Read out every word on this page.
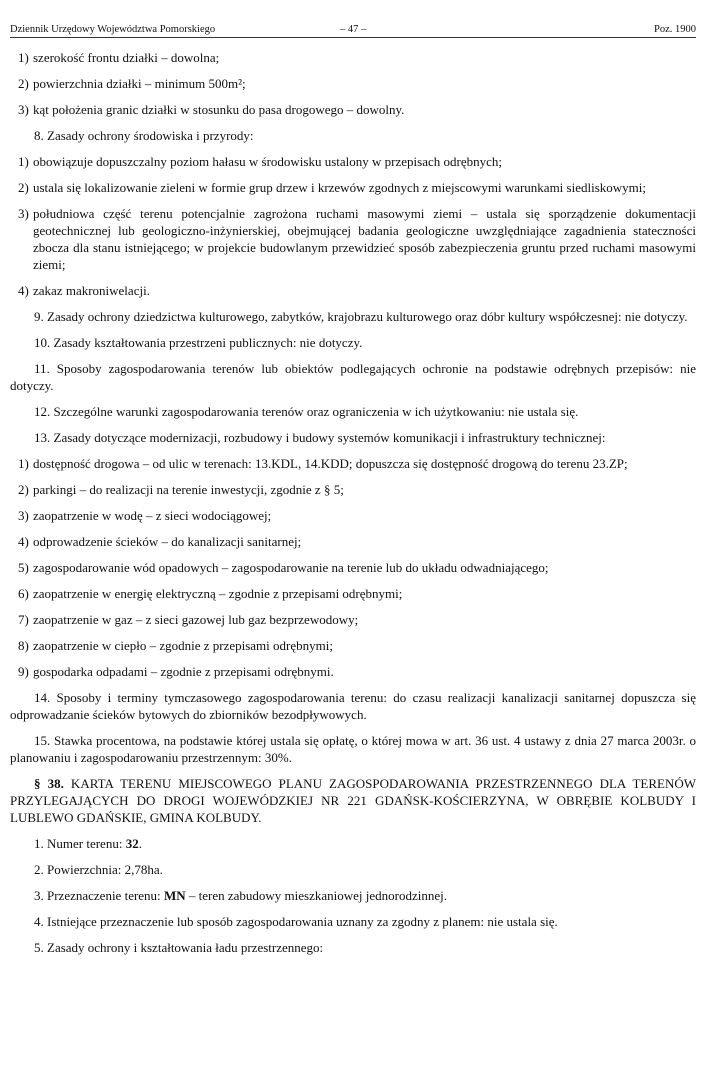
Dziennik Urzędowy Województwa Pomorskiego	– 47 –	Poz. 1900
1) szerokość frontu działki – dowolna;
2) powierzchnia działki – minimum 500m²;
3) kąt położenia granic działki w stosunku do pasa drogowego – dowolny.

8. Zasady ochrony środowiska i przyrody:

1) obowiązuje dopuszczalny poziom hałasu w środowisku ustalony w przepisach odrębnych;
2) ustala się lokalizowanie zieleni w formie grup drzew i krzewów zgodnych z miejscowymi warunkami siedliskowymi;
3) południowa część terenu potencjalnie zagrożona ruchami masowymi ziemi – ustala się sporządzenie dokumentacji geotechnicznej lub geologiczno-inżynierskiej, obejmującej badania geologiczne uwzględniające zagadnienia stateczności zbocza dla stanu istniejącego; w projekcie budowlanym przewidzieć sposób zabezpieczenia gruntu przed ruchami masowymi ziemi;
4) zakaz makroniwelacji.

9. Zasady ochrony dziedzictwa kulturowego, zabytków, krajobrazu kulturowego oraz dóbr kultury współczesnej: nie dotyczy.

10. Zasady kształtowania przestrzeni publicznych: nie dotyczy.

11. Sposoby zagospodarowania terenów lub obiektów podlegających ochronie na podstawie odrębnych przepisów: nie dotyczy.

12. Szczególne warunki zagospodarowania terenów oraz ograniczenia w ich użytkowaniu: nie ustala się.

13. Zasady dotyczące modernizacji, rozbudowy i budowy systemów komunikacji i infrastruktury technicznej:

1) dostępność drogowa – od ulic w terenach: 13.KDL, 14.KDD; dopuszcza się dostępność drogową do terenu 23.ZP;
2) parkingi – do realizacji na terenie inwestycji, zgodnie z § 5;
3) zaopatrzenie w wodę – z sieci wodociągowej;
4) odprowadzenie ścieków – do kanalizacji sanitarnej;
5) zagospodarowanie wód opadowych – zagospodarowanie na terenie lub do układu odwadniającego;
6) zaopatrzenie w energię elektryczną – zgodnie z przepisami odrębnymi;
7) zaopatrzenie w gaz – z sieci gazowej lub gaz bezprzewodowy;
8) zaopatrzenie w ciepło – zgodnie z przepisami odrębnymi;
9) gospodarka odpadami – zgodnie z przepisami odrębnymi.

14. Sposoby i terminy tymczasowego zagospodarowania terenu: do czasu realizacji kanalizacji sanitarnej dopuszcza się odprowadzanie ścieków bytowych do zbiorników bezodpływowych.

15. Stawka procentowa, na podstawie której ustala się opłatę, o której mowa w art. 36 ust. 4 ustawy z dnia 27 marca 2003r. o planowaniu i zagospodarowaniu przestrzennym: 30%.

§ 38. KARTA TERENU MIEJSCOWEGO PLANU ZAGOSPODAROWANIA PRZESTRZENNEGO DLA TERENÓW PRZYLEGAJĄCYCH DO DROGI WOJEWÓDZKIEJ NR 221 GDAŃSK-KOŚCIERZYNA, W OBRĘBIE KOLBUDY I LUBLEWO GDAŃSKIE, GMINA KOLBUDY.

1. Numer terenu: 32.

2. Powierzchnia: 2,78ha.

3. Przeznaczenie terenu: MN – teren zabudowy mieszkaniowej jednorodzinnej.

4. Istniejące przeznaczenie lub sposób zagospodarowania uznany za zgodny z planem: nie ustala się.

5. Zasady ochrony i kształtowania ładu przestrzennego:
